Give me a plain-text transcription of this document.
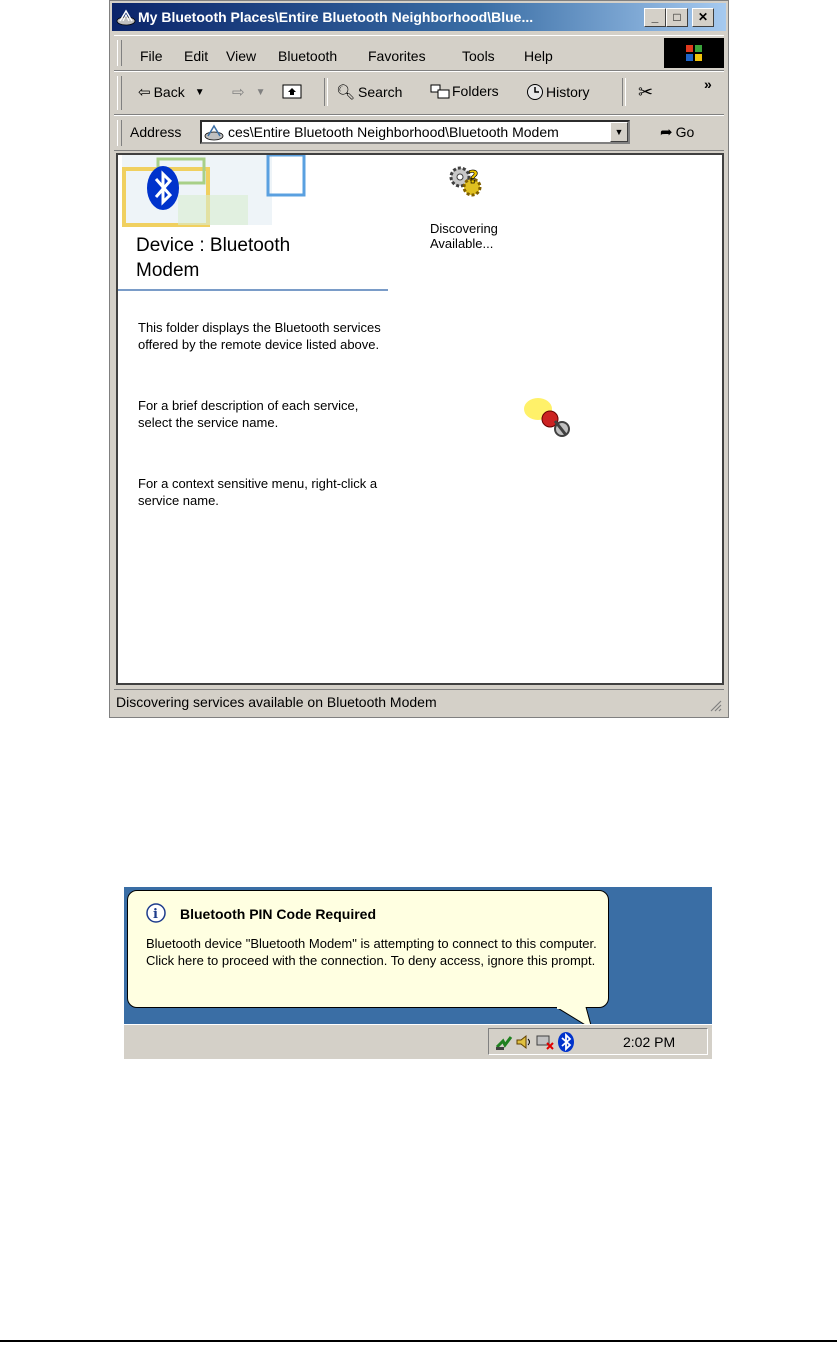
My Bluetooth Places\Entire Bluetooth Neighborhood\Blue...	_	□	✕
File Edit View Bluetooth Favorites	Tools Help
⇦ Back ▼ ⇨ ▼	🔍︎ Search	Folders	History	✂	»
Address	ces\Entire Bluetooth Neighborhood\Bluetooth Modem	▼	➦ Go
Device : Bluetooth Modem
This folder displays the Bluetooth services offered by the remote device listed above.
For a brief description of each service, select the service name.
For a context sensitive menu, right-click a service name.
?
Discovering Available...
Discovering services available on Bluetooth Modem
i Bluetooth PIN Code Required
Bluetooth device "Bluetooth Modem" is attempting to connect to this computer. Click here to proceed with the connection. To deny access, ignore this prompt.
2:02 PM
